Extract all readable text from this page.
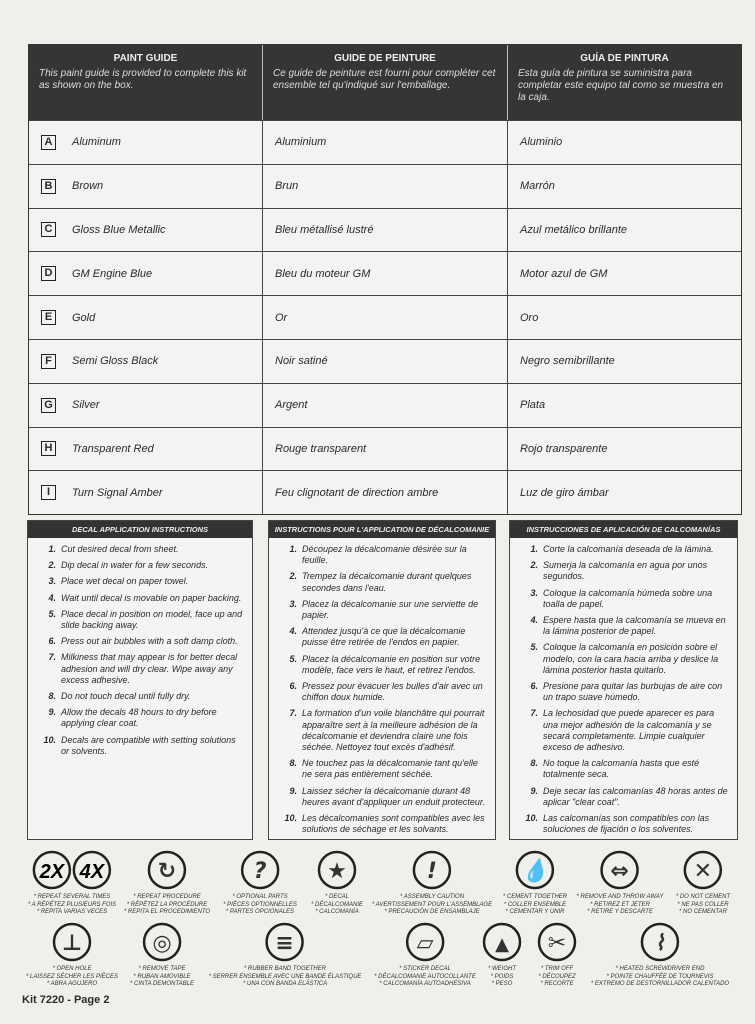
PAINT GUIDE
This paint guide is provided to complete this kit as shown on the box.
GUIDE DE PEINTURE
Ce guide de peinture est fourni pour compléter cet ensemble tel qu'indiqué sur l'emballage.
GUÍA DE PINTURA
Esta guía de pintura se suministra para completar este equipo tal como se muestra en la caja.
A	Aluminum	Aluminium	Aluminio
B	Brown	Brun	Marrón
C	Gloss Blue Metallic	Bleu métallisé lustré	Azul metálico brillante
D	GM Engine Blue	Bleu du moteur GM	Motor azul de GM
E	Gold	Or	Oro
F	Semi Gloss Black	Noir satiné	Negro semibrillante
G Silver	Argent	Plata
H	Transparent Red	Rouge transparent	Rojo transparente
I	Turn Signal Amber	Feu clignotant de direction ambre	Luz de giro ámbar
DECAL APPLICATION INSTRUCTIONS
1. Cut desired decal from sheet.
2. Dip decal in water for a few seconds.
3. Place wet decal on paper towel.
4. Wait until decal is movable on paper backing.
5. Place decal in position on model, face up and slide backing away.
6. Press out air bubbles with a soft damp cloth.
7. Milkiness that may appear is for better decal adhesion and will dry clear. Wipe away any excess adhesive.
8. Do not touch decal until fully dry.
9. Allow the decals 48 hours to dry before applying clear coat.
10. Decals are compatible with setting solutions or solvents.
INSTRUCTIONS POUR L'APPLICATION DE DÉCALCOMANIE
1. Découpez la décalcomanie désirée sur la feuille.
2. Trempez la décalcomanie durant quelques secondes dans l'eau.
3. Placez la décalcomanie sur une serviette de papier.
4. Attendez jusqu'à ce que la décalcomanie puisse être retirée de l'endos en papier.
5. Placez la décalcomanie en position sur votre modèle, face vers le haut, et retirez l'endos.
6. Pressez pour évacuer les bulles d'air avec un chiffon doux humide.
7. La formation d'un voile blanchâtre qui pourrait apparaître sert à la meilleure adhésion de la décalcomanie et deviendra claire une fois séchée. Nettoyez tout excès d'adhésif.
8. Ne touchez pas la décalcomanie tant qu'elle ne sera pas entièrement séchée.
9. Laissez sécher la décalcomanie durant 48 heures avant d'appliquer un enduit protecteur.
10. Les décalcomanies sont compatibles avec les solutions de séchage et les solvants.
INSTRUCCIONES DE APLICACIÓN DE CALCOMANÍAS
1. Corte la calcomanía deseada de la lámina.
2. Sumerja la calcomanía en agua por unos segundos.
3. Coloque la calcomanía húmeda sobre una toalla de papel.
4. Espere hasta que la calcomanía se mueva en la lámina posterior de papel.
5. Coloque la calcomanía en posición sobre el modelo, con la cara hacia arriba y deslice la lámina posterior hasta quitarlo.
6. Presione para quitar las burbujas de aire con un trapo suave húmedo.
7. La lechosidad que puede aparecer es para una mejor adhesión de la calcomanía y se secará completamente. Limpie cualquier exceso de adhesivo.
8. No toque la calcomanía hasta que esté totalmente seca.
9. Deje secar las calcomanías 48 horas antes de aplicar "clear coat".
10. Las calcomanías son compatibles con las soluciones de fijación o los solventes.
2X 4X
* REPEAT SEVERAL TIMES
* A RÉPÉTEZ PLUSIEURS FOIS
* REPITA VARIAS VECES
↻
* REPEAT PROCEDURE
* RÉPÉTEZ LA PROCÉDURE
* REPITA EL PROCEDIMIENTO
?
* OPTIONAL PARTS
* PIÈCES OPTIONNELLES
* PARTES OPCIONALES
★
* DECAL
* DÉCALCOMANIE
* CALCOMANÍA
!
* ASSEMBLY CAUTION
* AVERTISSEMENT POUR L'ASSEMBLAGE
* PRECAUCIÓN DE ENSAMBLAJE
💧
* CEMENT TOGETHER
* COLLER ENSEMBLE
* CEMENTAR Y UNIR
⇔
* REMOVE AND THROW AWAY
* RETIREZ ET JETER
* RETIRE Y DESCARTE
✕
* DO NOT CEMENT
* NE PAS COLLER
* NO CEMENTAR
⊥
* OPEN HOLE
* LAISSEZ SÉCHER LES PIÈCES
* ABRA AGUJERO
◎
* REMOVE TAPE
* RUBAN AMOVIBLE
* CINTA DEMONTABLE
≡
* RUBBER BAND TOGETHER
* SERRER ENSEMBLE AVEC UNE BANDE ÉLASTIQUE
* UNA CON BANDA ELÁSTICA
▱
* STICKER DECAL
* DÉCALCOMANIE AUTOCOLLANTE
* CALCOMANÍA AUTOADHESIVA
▲
* WEIGHT
* POIDS
* PESO
✂
* TRIM OFF
* DÉCOUPEZ
* RECORTE
⌇
* HEATED SCREWDRIVER END
* POINTE CHAUFFÉE DE TOURNEVIS
* EXTREMO DE DESTORNILLADOR CALENTADO
Kit 7220 - Page 2
